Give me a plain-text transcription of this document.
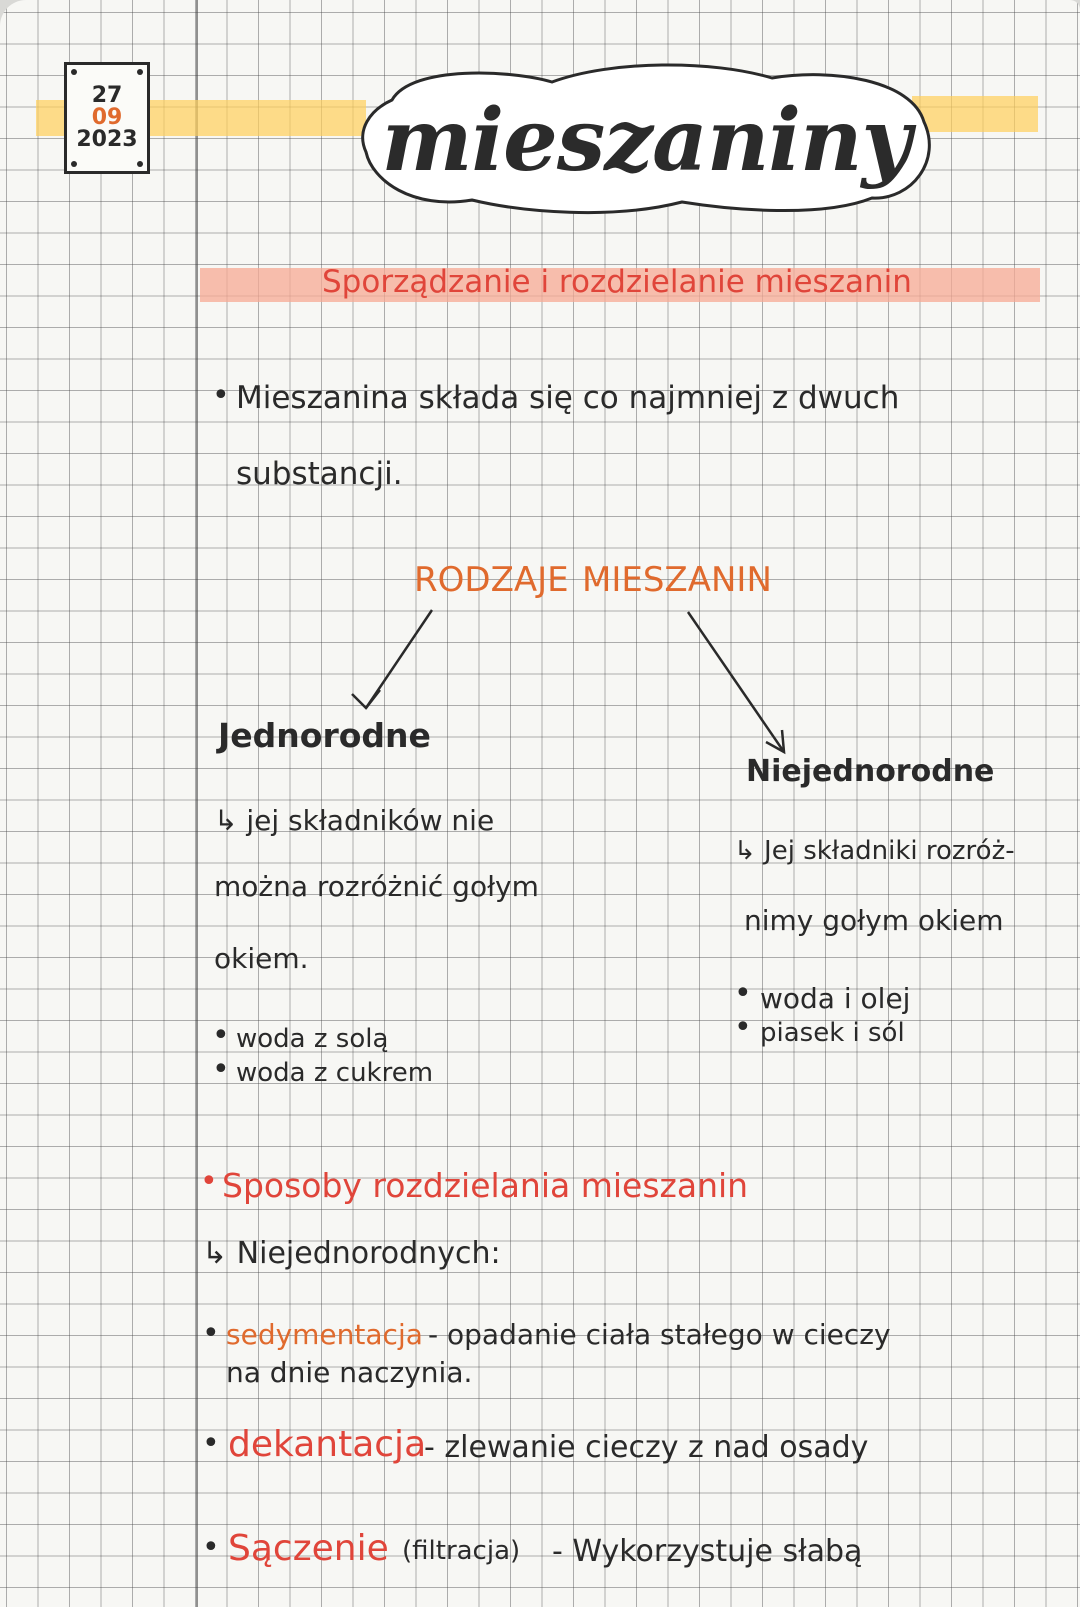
27
09
2023	mieszaniny
Sporządzanie i rozdzielanie mieszanin
• Mieszanina składa się co najmniej z dwuch
substancji.
RODZAJE MIESZANIN
Jednorodne
↳ jej składników nie
można rozróżnić gołym
okiem.
• woda z solą
• woda z cukrem
Niejednorodne
↳ Jej składniki rozróż-
nimy gołym okiem
• woda i olej
• piasek i sól
• Sposoby rozdzielania mieszanin
↳ Niejednorodnych:
• sedymentacja - opadanie ciała stałego w cieczy
na dnie naczynia.
• dekantacja
- zlewanie cieczy z nad osady
• Sączenie (filtracja) - Wykorzystuje słabą
